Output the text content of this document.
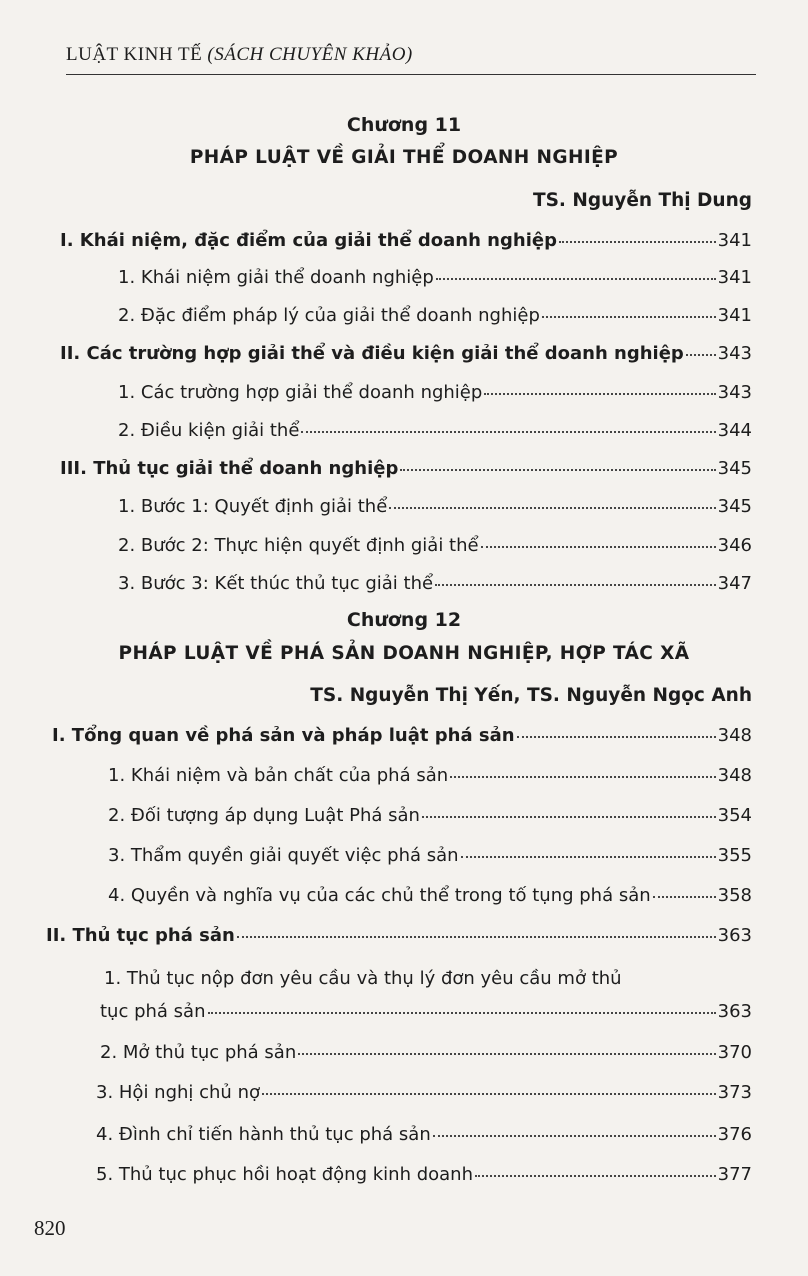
LUẬT KINH TẾ (SÁCH CHUYÊN KHẢO)
Chương 11
PHÁP LUẬT VỀ GIẢI THỂ DOANH NGHIỆP
TS. Nguyễn Thị Dung
I. Khái niệm, đặc điểm của giải thể doanh nghiệp	341
1. Khái niệm giải thể doanh nghiệp	341
2. Đặc điểm pháp lý của giải thể doanh nghiệp	341
II. Các trường hợp giải thể và điều kiện giải thể doanh nghiệp 343
1. Các trường hợp giải thể doanh nghiệp	343
2. Điều kiện giải thể	344
III. Thủ tục giải thể doanh nghiệp	345
1. Bước 1: Quyết định giải thể	345
2. Bước 2: Thực hiện quyết định giải thể	346
3. Bước 3: Kết thúc thủ tục giải thể	347
Chương 12
PHÁP LUẬT VỀ PHÁ SẢN DOANH NGHIỆP, HỢP TÁC XÃ
TS. Nguyễn Thị Yến, TS. Nguyễn Ngọc Anh
I. Tổng quan về phá sản và pháp luật phá sản	348
1. Khái niệm và bản chất của phá sản	348
2. Đối tượng áp dụng Luật Phá sản	354
3. Thẩm quyền giải quyết việc phá sản	355
4. Quyền và nghĩa vụ của các chủ thể trong tố tụng phá sản	358
II. Thủ tục phá sản	363
1. Thủ tục nộp đơn yêu cầu và thụ lý đơn yêu cầu mở thủ
tục phá sản	363
2. Mở thủ tục phá sản	370
3. Hội nghị chủ nợ	373
4. Đình chỉ tiến hành thủ tục phá sản	376
5. Thủ tục phục hồi hoạt động kinh doanh	377
820
